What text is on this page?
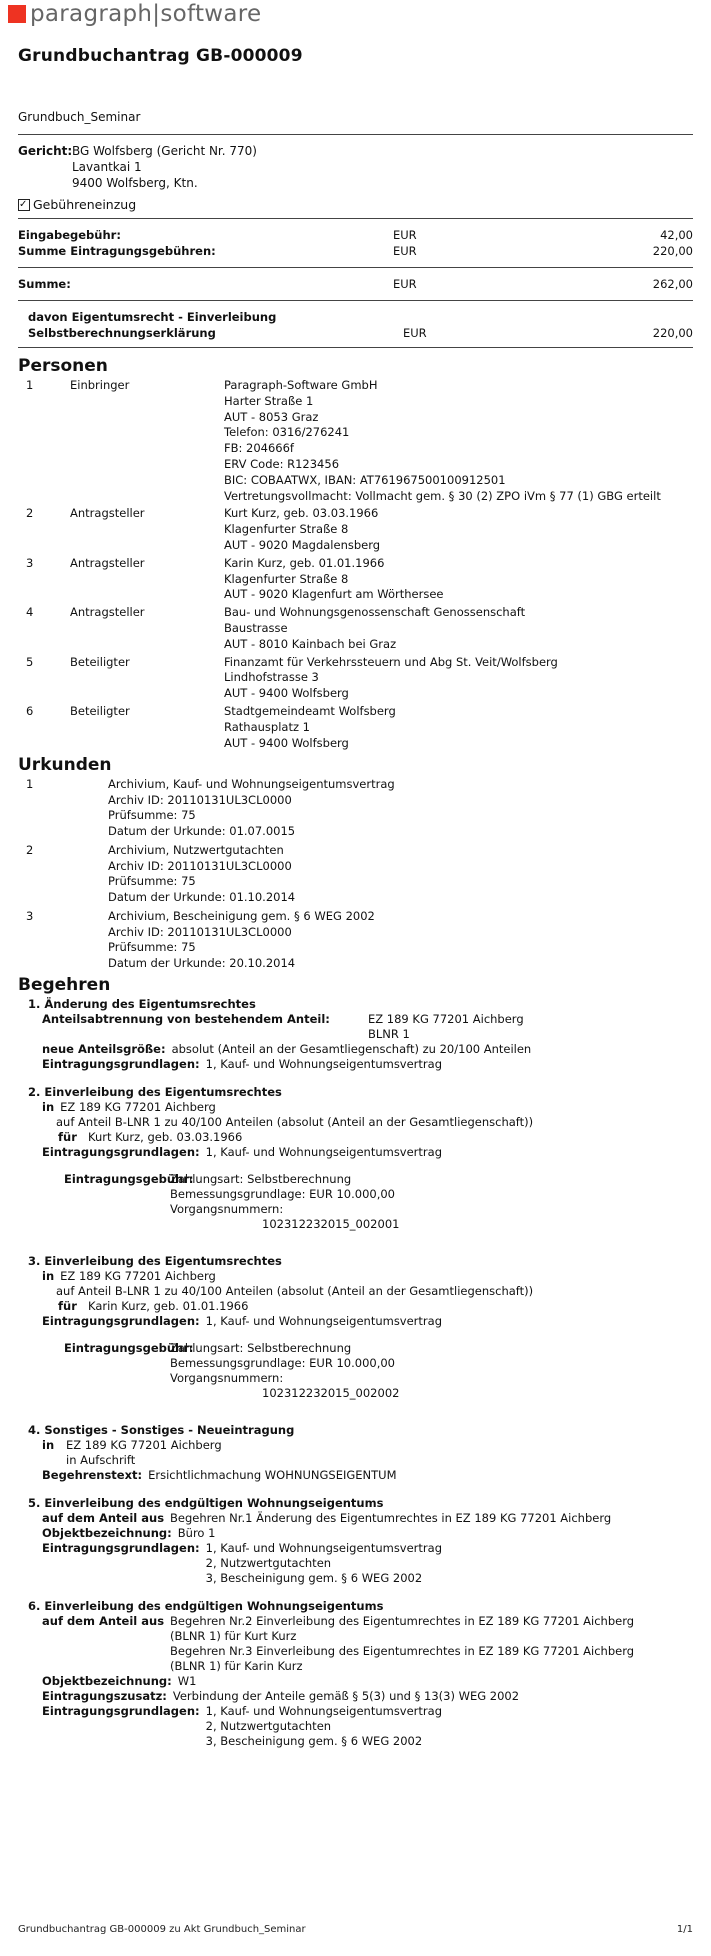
paragraph|software
Grundbuchantrag GB-000009
Grundbuch_Seminar
Gericht: BG Wolfsberg (Gericht Nr. 770)
Lavantkai 1
9400 Wolfsberg, Ktn.
✓
Gebühreneinzug
Eingabegebühr:	EUR	42,00
Summe Eintragungsgebühren:	EUR	220,00
Summe:	EUR	262,00
davon Eigentumsrecht - Einverleibung
Selbstberechnungserklärung	EUR	220,00
Personen
1	Einbringer	Paragraph-Software GmbH
Harter Straße 1
AUT - 8053 Graz
Telefon: 0316/276241
FB: 204666f
ERV Code: R123456
BIC: COBAATWX, IBAN: AT761967500100912501
Vertretungsvollmacht: Vollmacht gem. § 30 (2) ZPO iVm § 77 (1) GBG erteilt
2	Antragsteller	Kurt Kurz, geb. 03.03.1966
Klagenfurter Straße 8
AUT - 9020 Magdalensberg
3	Antragsteller	Karin Kurz, geb. 01.01.1966
Klagenfurter Straße 8
AUT - 9020 Klagenfurt am Wörthersee
4	Antragsteller	Bau- und Wohnungsgenossenschaft Genossenschaft
Baustrasse
AUT - 8010 Kainbach bei Graz
5	Beteiligter	Finanzamt für Verkehrssteuern und Abg St. Veit/Wolfsberg
Lindhofstrasse 3
AUT - 9400 Wolfsberg
6	Beteiligter	Stadtgemeindeamt Wolfsberg
Rathausplatz 1
AUT - 9400 Wolfsberg
Urkunden
1	Archivium, Kauf- und Wohnungseigentumsvertrag
Archiv ID: 20110131UL3CL0000
Prüfsumme: 75
Datum der Urkunde: 01.07.0015
2	Archivium, Nutzwertgutachten
Archiv ID: 20110131UL3CL0000
Prüfsumme: 75
Datum der Urkunde: 01.10.2014
3	Archivium, Bescheinigung gem. § 6 WEG 2002
Archiv ID: 20110131UL3CL0000
Prüfsumme: 75
Datum der Urkunde: 20.10.2014
Begehren
1. Änderung des Eigentumsrechtes
Anteilsabtrennung von bestehendem Anteil:	EZ 189 KG 77201 Aichberg
BLNR 1
neue Anteilsgröße: absolut (Anteil an der Gesamtliegenschaft) zu 20/100 Anteilen
Eintragungsgrundlagen: 1, Kauf- und Wohnungseigentumsvertrag
2. Einverleibung des Eigentumsrechtes
in EZ 189 KG 77201 Aichberg
auf Anteil B-LNR 1 zu 40/100 Anteilen (absolut (Anteil an der Gesamtliegenschaft))
für Kurt Kurz, geb. 03.03.1966
Eintragungsgrundlagen: 1, Kauf- und Wohnungseigentumsvertrag
Eintragungsgebühr:
Zahlungsart: Selbstberechnung
Bemessungsgrundlage: EUR 10.000,00
Vorgangsnummern:
102312232015_002001
3. Einverleibung des Eigentumsrechtes
in EZ 189 KG 77201 Aichberg
auf Anteil B-LNR 1 zu 40/100 Anteilen (absolut (Anteil an der Gesamtliegenschaft))
für Karin Kurz, geb. 01.01.1966
Eintragungsgrundlagen: 1, Kauf- und Wohnungseigentumsvertrag
Eintragungsgebühr:
Zahlungsart: Selbstberechnung
Bemessungsgrundlage: EUR 10.000,00
Vorgangsnummern:
102312232015_002002
4. Sonstiges - Sonstiges - Neueintragung
in	EZ 189 KG 77201 Aichberg
in Aufschrift
Begehrenstext: Ersichtlichmachung WOHNUNGSEIGENTUM
5. Einverleibung des endgültigen Wohnungseigentums
auf dem Anteil aus Begehren Nr.1 Änderung des Eigentumrechtes in EZ 189 KG 77201 Aichberg
Objektbezeichnung: Büro 1
Eintragungsgrundlagen: 1, Kauf- und Wohnungseigentumsvertrag
2, Nutzwertgutachten
3, Bescheinigung gem. § 6 WEG 2002
6. Einverleibung des endgültigen Wohnungseigentums
auf dem Anteil aus Begehren Nr.2 Einverleibung des Eigentumrechtes in EZ 189 KG 77201 Aichberg
(BLNR 1) für Kurt Kurz
Begehren Nr.3 Einverleibung des Eigentumrechtes in EZ 189 KG 77201 Aichberg
(BLNR 1) für Karin Kurz
Objektbezeichnung: W1
Eintragungszusatz: Verbindung der Anteile gemäß § 5(3) und § 13(3) WEG 2002
Eintragungsgrundlagen: 1, Kauf- und Wohnungseigentumsvertrag
2, Nutzwertgutachten
3, Bescheinigung gem. § 6 WEG 2002
Grundbuchantrag GB-000009 zu Akt Grundbuch_Seminar	1/1
